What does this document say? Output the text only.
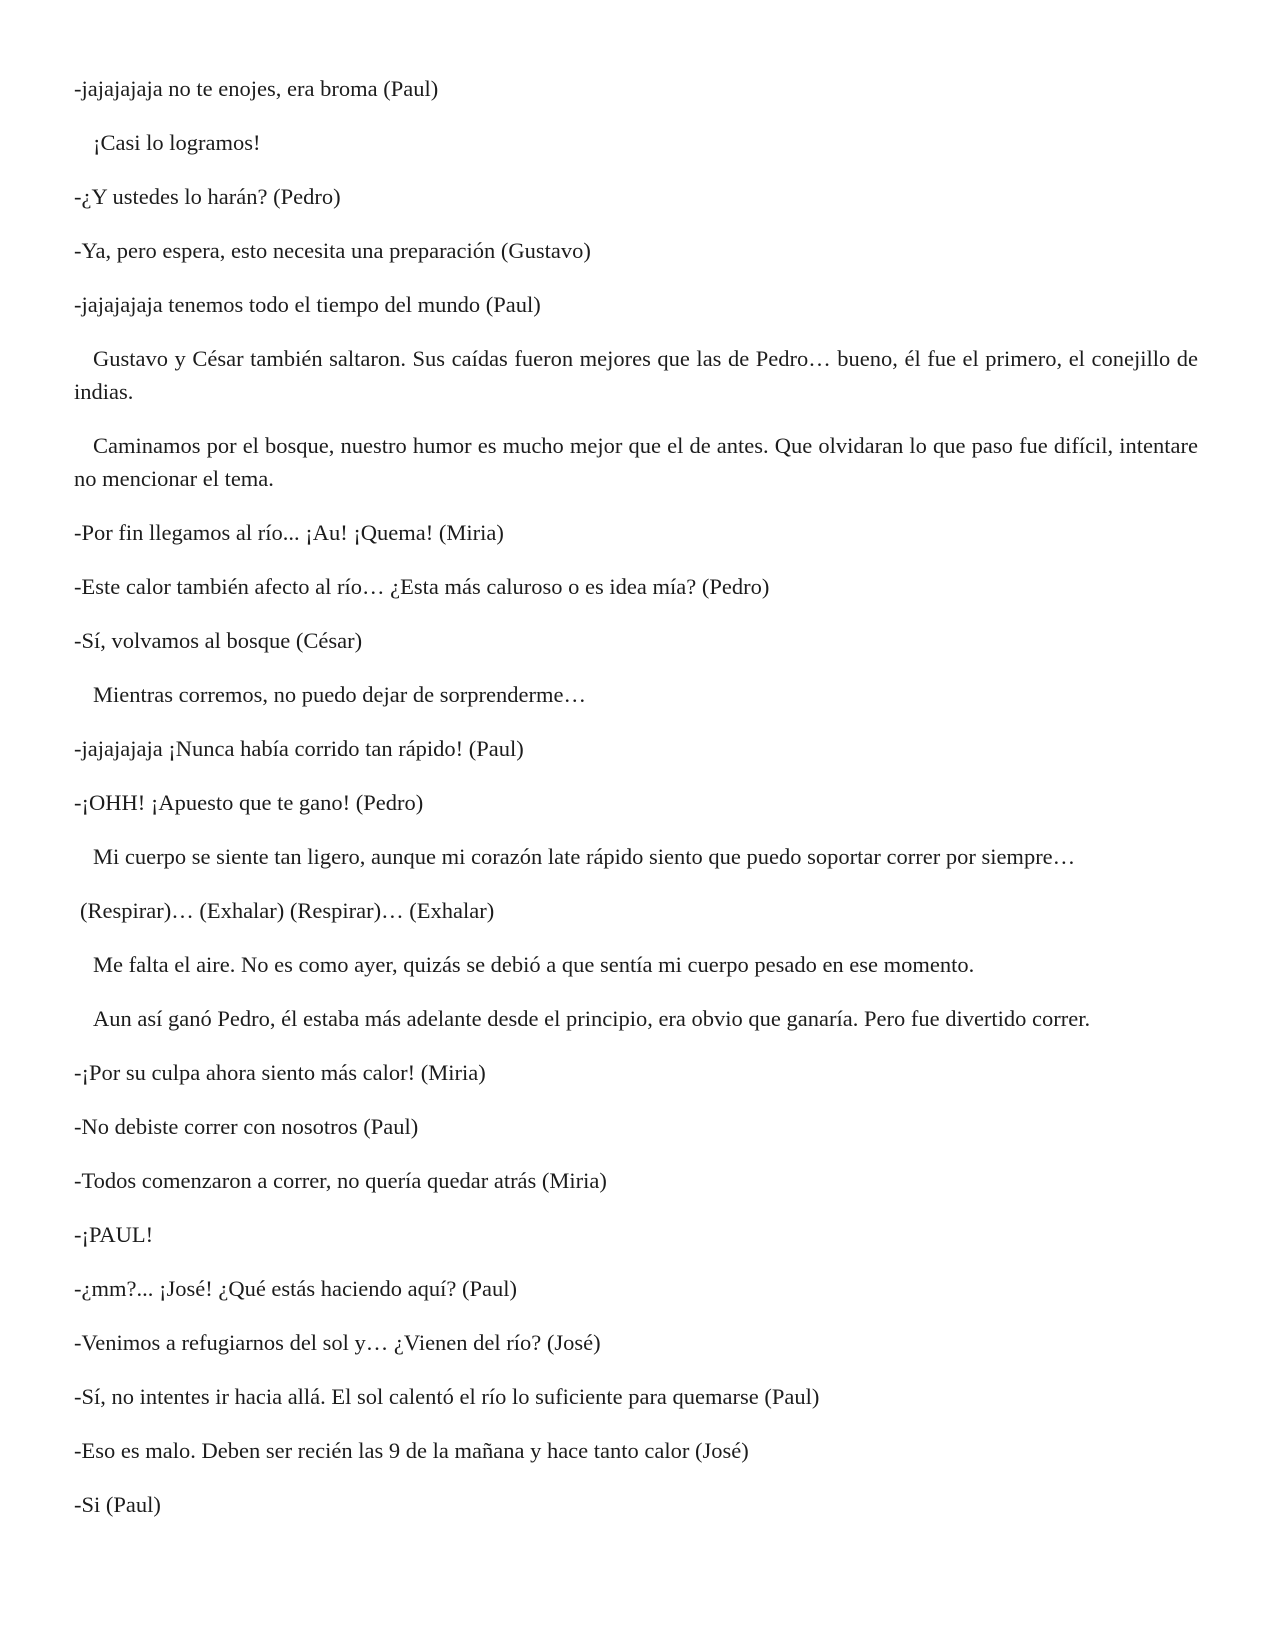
-jajajajaja no te enojes, era broma (Paul)

¡Casi lo logramos!

-¿Y ustedes lo harán? (Pedro)

-Ya, pero espera, esto necesita una preparación (Gustavo)

-jajajajaja tenemos todo el tiempo del mundo (Paul)

Gustavo y César también saltaron. Sus caídas fueron mejores que las de Pedro… bueno, él fue el primero, el conejillo de indias.

Caminamos por el bosque, nuestro humor es mucho mejor que el de antes. Que olvidaran lo que paso fue difícil, intentare no mencionar el tema.

-Por fin llegamos al río... ¡Au! ¡Quema! (Miria)

-Este calor también afecto al río… ¿Esta más caluroso o es idea mía? (Pedro)

-Sí, volvamos al bosque (César)

Mientras corremos, no puedo dejar de sorprenderme…

-jajajajaja ¡Nunca había corrido tan rápido! (Paul)

-¡OHH! ¡Apuesto que te gano! (Pedro)

Mi cuerpo se siente tan ligero, aunque mi corazón late rápido siento que puedo soportar correr por siempre…

(Respirar)… (Exhalar) (Respirar)… (Exhalar)

Me falta el aire. No es como ayer, quizás se debió a que sentía mi cuerpo pesado en ese momento.

Aun así ganó Pedro, él estaba más adelante desde el principio, era obvio que ganaría. Pero fue divertido correr.

-¡Por su culpa ahora siento más calor! (Miria)

-No debiste correr con nosotros (Paul)

-Todos comenzaron a correr, no quería quedar atrás (Miria)

-¡PAUL!

-¿mm?... ¡José! ¿Qué estás haciendo aquí? (Paul)

-Venimos a refugiarnos del sol y… ¿Vienen del río? (José)

-Sí, no intentes ir hacia allá. El sol calentó el río lo suficiente para quemarse (Paul)

-Eso es malo. Deben ser recién las 9 de la mañana y hace tanto calor (José)

-Si (Paul)
